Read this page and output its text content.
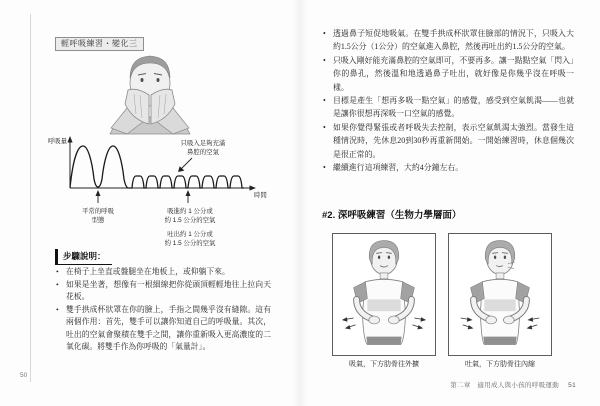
輕呼吸練習・變化三
呼吸量
時間
只吸入足夠充滿
鼻腔的空氣
平常的呼吸
型態
吸進約 1 公分或
約 1.5 公分的空氣
吐出約 1 公分或
約 1.5 公分的空氣
步驟說明：
• 在椅子上坐直或盤腿坐在地板上，或仰躺下來。
• 如果是坐著，想像有一根細線把你從頭頂輕輕地往上拉向天花板。
• 雙手拱成杯狀罩在你的臉上，手指之間幾乎沒有縫隙。這有兩個作用：首先，雙手可以讓你知道自己的呼吸量。其次，吐出的空氣會聚積在雙手之間，讓你重新吸入更高濃度的二氧化碳。將雙手作為你呼吸的「氣量計」。
50
• 透過鼻子短促地吸氣。在雙手拱成杯狀罩住臉部的情況下，只吸入大約1.5公分（1公分）的空氣進入鼻腔，然後再吐出約1.5公分的空氣。
• 只吸入剛好能充滿鼻腔的空氣即可，不要再多。讓一點點空氣「閃入」你的鼻孔，然後溫和地透過鼻子吐出，就好像是你幾乎沒在呼吸一樣。
• 目標是產生「想再多吸一點空氣」的感覺，感受到空氣飢渴——也就是讓你很想再深吸一口空氣的感覺。
• 如果你覺得緊張或者呼吸失去控制，表示空氣飢渴太強烈。當發生這種情況時，先休息20到30秒再重新開始。一開始練習時，休息個幾次是很正常的。
• 繼續進行這項練習，大約4分鐘左右。
#2. 深呼吸練習（生物力學層面）
吸氣，下方肋骨往外擴	吐氣，下方肋骨往內縮
第二章　適用成人與小孩的呼吸運動 51
